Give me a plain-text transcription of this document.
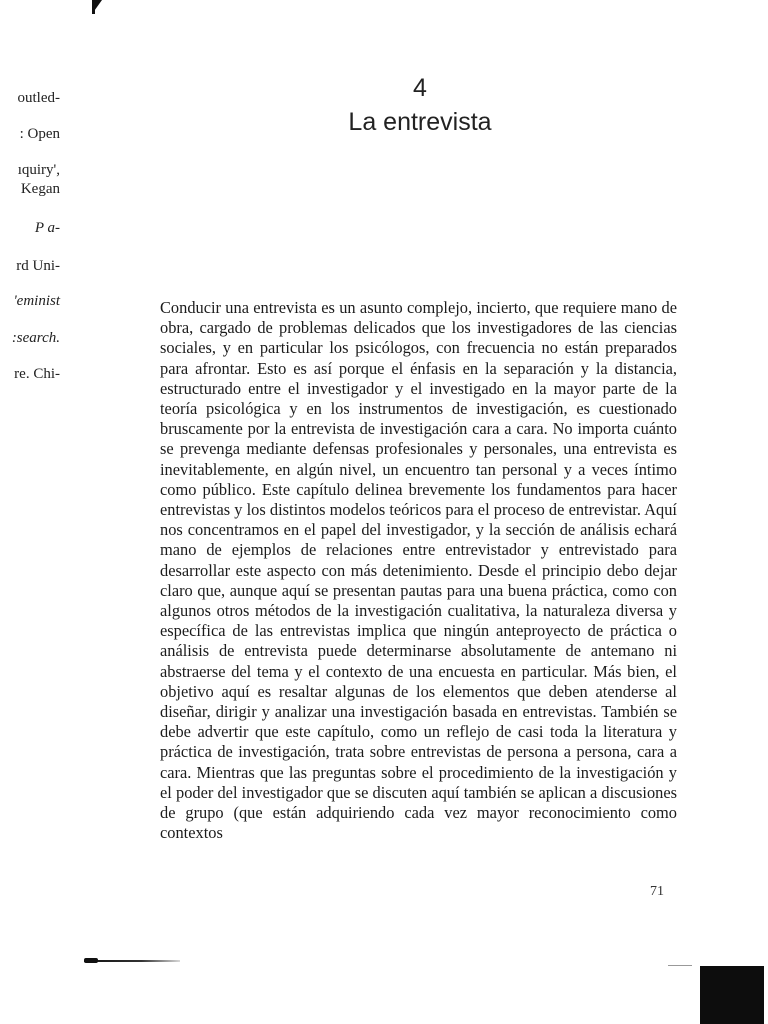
outled-
: Open
ıquiry',
Kegan
P a-
rd Uni-
'eminist
:search.
re. Chi-
4
La entrevista

Conducir una entrevista es un asunto complejo, incierto, que requiere mano de obra, cargado de problemas delicados que los investigadores de las ciencias sociales, y en particular los psicólogos, con frecuencia no están preparados para afrontar. Esto es así porque el énfasis en la separación y la distancia, estructurado entre el investigador y el investigado en la mayor parte de la teoría psicológica y en los instrumentos de investigación, es cuestionado bruscamente por la entrevista de investigación cara a cara. No importa cuánto se prevenga mediante defensas profesionales y personales, una entrevista es inevitablemente, en algún nivel, un encuentro tan personal y a veces íntimo como público. Este capítulo delinea brevemente los fundamentos para hacer entrevistas y los distintos modelos teóricos para el proceso de entrevistar. Aquí nos concentramos en el papel del investigador, y la sección de análisis echará mano de ejemplos de relaciones entre entrevistador y entrevistado para desarrollar este aspecto con más detenimiento. Desde el principio debo dejar claro que, aunque aquí se presentan pautas para una buena práctica, como con algunos otros métodos de la investigación cualitativa, la naturaleza diversa y específica de las entrevistas implica que ningún anteproyecto de práctica o análisis de entrevista puede determinarse absolutamente de antemano ni abstraerse del tema y el contexto de una encuesta en particular. Más bien, el objetivo aquí es resaltar algunas de los elementos que deben atenderse al diseñar, dirigir y analizar una investigación basada en entrevistas. También se debe advertir que este capítulo, como un reflejo de casi toda la literatura y práctica de investigación, trata sobre entrevistas de persona a persona, cara a cara. Mientras que las preguntas sobre el procedimiento de la investigación y el poder del investigador que se discuten aquí también se aplican a discusiones de grupo (que están adquiriendo cada vez mayor reconocimiento como contextos

71
